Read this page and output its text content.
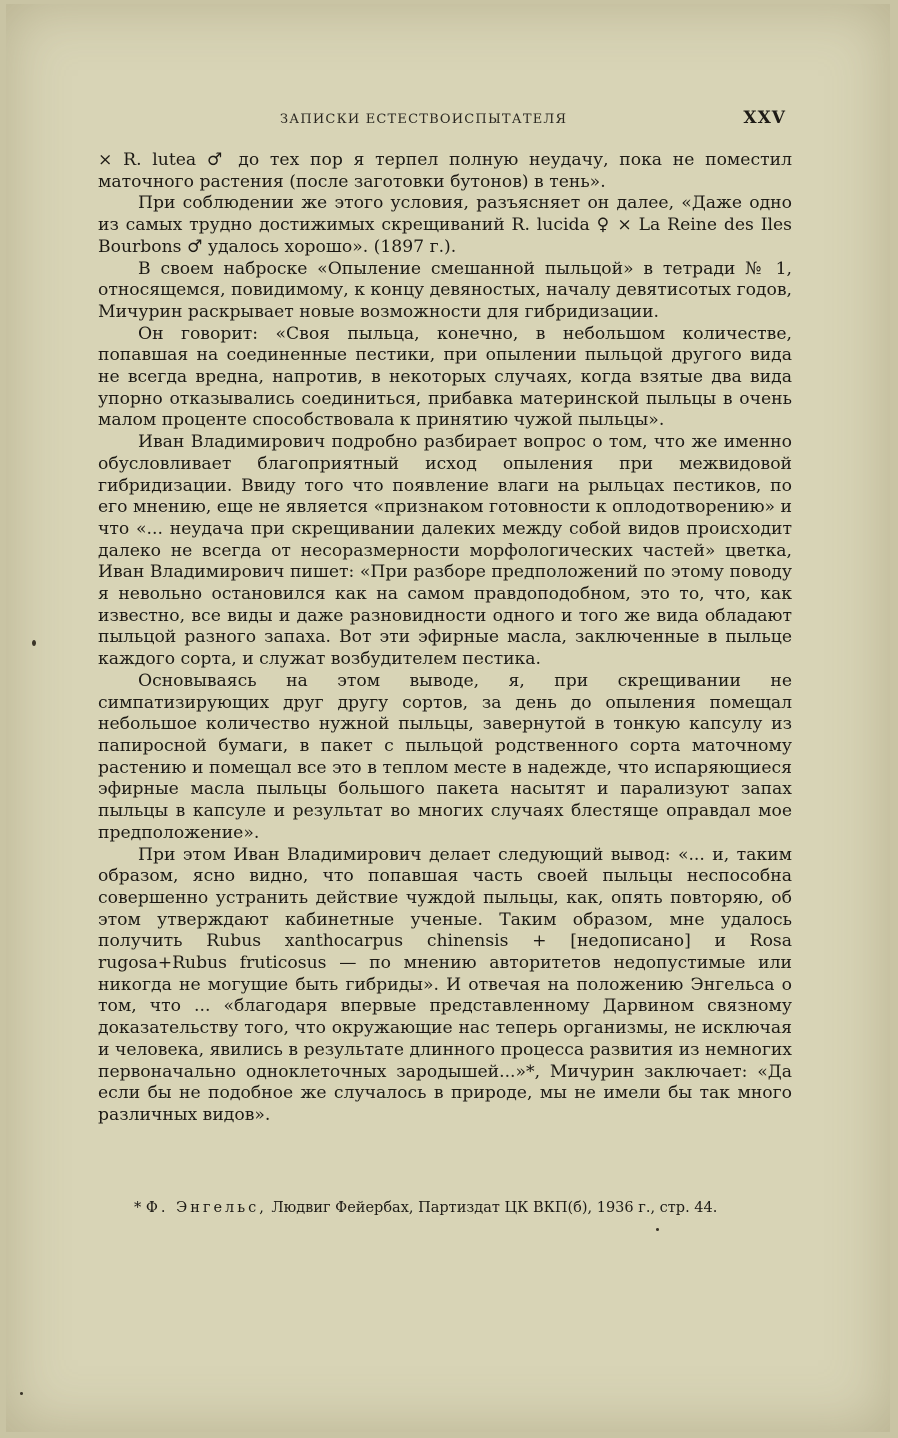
ЗАПИСКИ ЕСТЕСТВОИСПЫТАТЕЛЯ	XXV

× R. lutea ♂ до тех пор я терпел полную неудачу, пока не поместил маточного растения (после заготовки бутонов) в тень».

При соблюдении же этого условия, разъясняет он далее, «Даже одно из самых трудно достижимых скрещиваний R. lucida ♀ × La Reine des Iles Bourbons ♂ удалось хорошо». (1897 г.).

В своем наброске «Опыление смешанной пыльцой» в тетради № 1, относящемся, повидимому, к концу девяностых, началу девятисотых годов, Мичурин раскрывает новые возможности для гибридизации.

Он говорит: «Своя пыльца, конечно, в небольшом количестве, попавшая на соединенные пестики, при опылении пыльцой другого вида не всегда вредна, напротив, в некоторых случаях, когда взятые два вида упорно отказывались соединиться, прибавка материнской пыльцы в очень малом проценте способствовала к принятию чужой пыльцы».

Иван Владимирович подробно разбирает вопрос о том, что же именно обусловливает благоприятный исход опыления при межвидовой гибридизации. Ввиду того что появление влаги на рыльцах пестиков, по его мнению, еще не является «признаком готовности к оплодотворению» и что «... неудача при скрещивании далеких между собой видов происходит далеко не всегда от несоразмерности морфологических частей» цветка, Иван Владимирович пишет: «При разборе предположений по этому поводу я невольно остановился как на самом правдоподобном, это то, что, как известно, все виды и даже разновидности одного и того же вида обладают пыльцой разного запаха. Вот эти эфирные масла, заключенные в пыльце каждого сорта, и служат возбудителем пестика.

Основываясь на этом выводе, я, при скрещивании не симпатизирующих друг другу сортов, за день до опыления помещал небольшое количество нужной пыльцы, завернутой в тонкую капсулу из папиросной бумаги, в пакет с пыльцой родственного сорта маточному растению и помещал все это в теплом месте в надежде, что испаряющиеся эфирные масла пыльцы большого пакета насытят и парализуют запах пыльцы в капсуле и результат во многих случаях блестяще оправдал мое предположение».

При этом Иван Владимирович делает следующий вывод: «... и, таким образом, ясно видно, что попавшая часть своей пыльцы неспособна совершенно устранить действие чуждой пыльцы, как, опять повторяю, об этом утверждают кабинетные ученые. Таким образом, мне удалось получить Rubus xanthocarpus chinensis + [недописано] и Rosa rugosa+Rubus fruticosus — по мнению авторитетов недопустимые или никогда не могущие быть гибриды». И отвечая на положению Энгельса о том, что ... «благодаря впервые представленному Дарвином связному доказательству того, что окружающие нас теперь организмы, не исключая и человека, явились в результате длинного процесса развития из немногих первоначально одноклеточных зародышей...»*, Мичурин заключает: «Да если бы не подобное же случалось в природе, мы не имели бы так много различных видов».

* Ф. Энгельс, Людвиг Фейербах, Партиздат ЦК ВКП(б), 1936 г., стр. 44.
